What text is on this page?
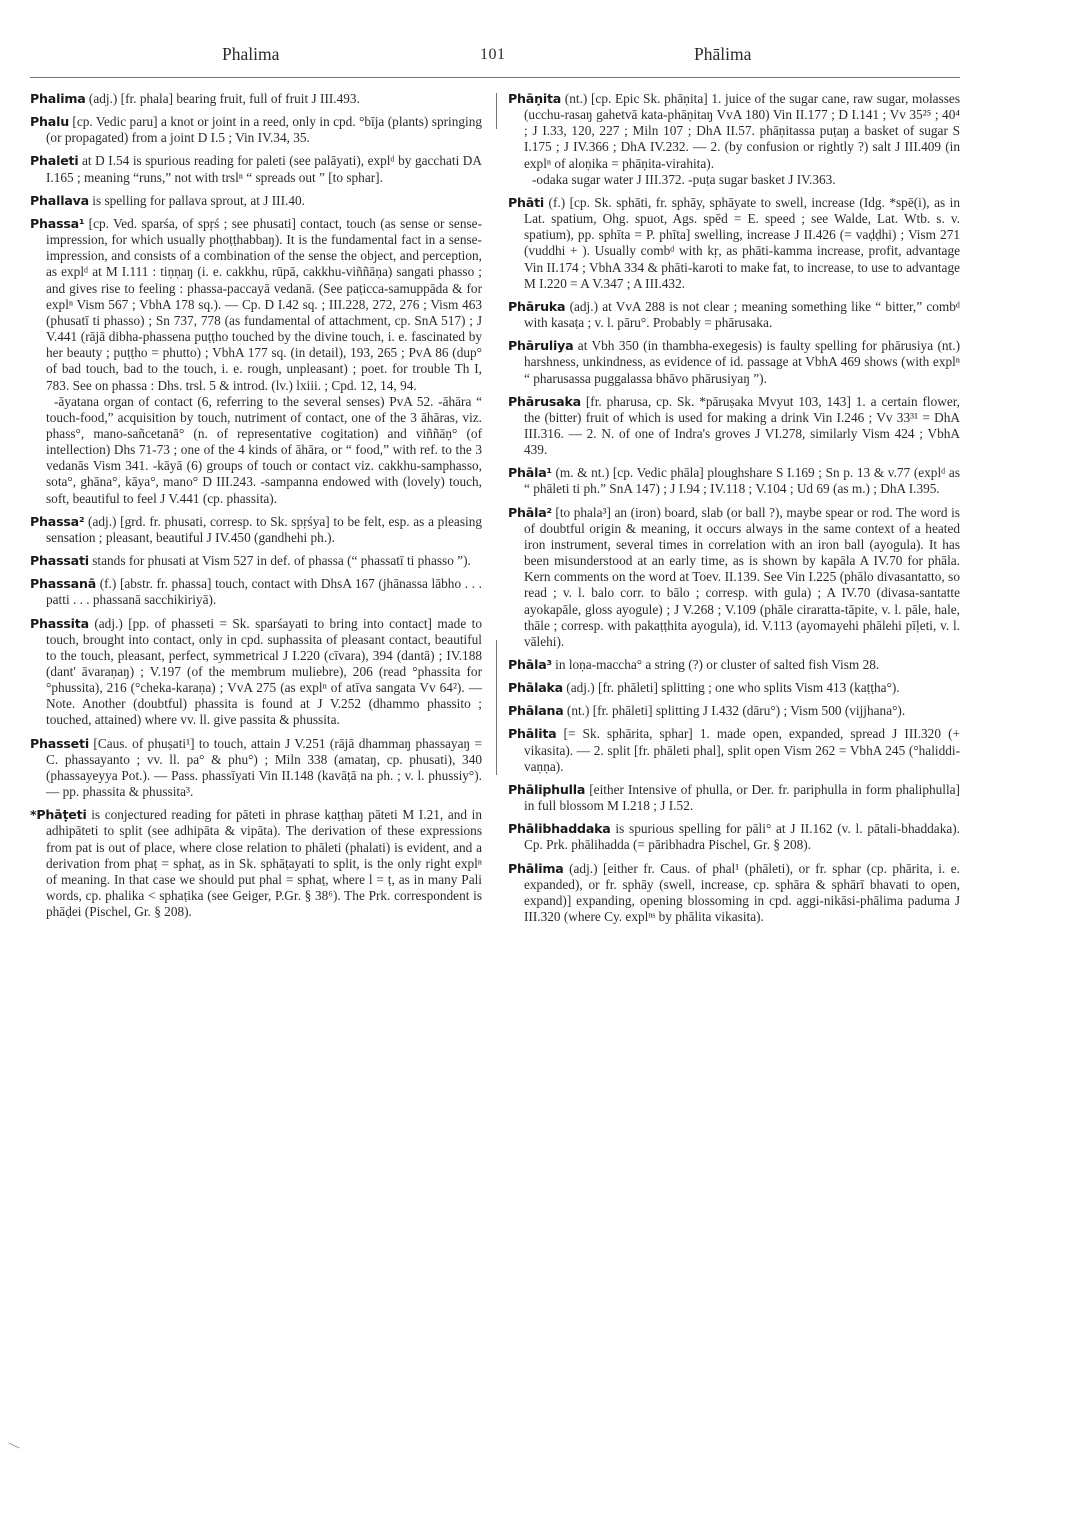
Phalima	101	Phālima

Phalima (adj.) [fr. phala] bearing fruit, full of fruit J III.493.

Phalu [cp. Vedic paru] a knot or joint in a reed, only in cpd. °bīja (plants) springing (or propagated) from a joint D I.5 ; Vin IV.34, 35.

Phaleti at D I.54 is spurious reading for paleti (see palāyati), explᵈ by gacchati DA I.165 ; meaning “runs,” not with trslⁿ “ spreads out ” [to sphar].

Phallava is spelling for pallava sprout, at J III.40.

Phassa¹ [cp. Ved. sparśa, of spṛś ; see phusati] contact, touch (as sense or sense-impression, for which usually phoṭṭhabbaŋ). It is the fundamental fact in a sense-impression, and consists of a combination of the sense the object, and perception, as explᵈ at M I.111 : tiṇṇaŋ (i. e. cakkhu, rūpā, cakkhu-viññāṇa) sangati phasso ; and gives rise to feeling : phassa-paccayā vedanā. (See paṭicca-samuppāda & for explⁿ Vism 567 ; VbhA 178 sq.). — Cp. D I.42 sq. ; III.228, 272, 276 ; Vism 463 (phusatī ti phasso) ; Sn 737, 778 (as fundamental of attachment, cp. SnA 517) ; J V.441 (rājā dibha-phassena puṭṭho touched by the divine touch, i. e. fascinated by her beauty ; puṭṭho = phutto) ; VbhA 177 sq. (in detail), 193, 265 ; PvA 86 (dup° of bad touch, bad to the touch, i. e. rough, unpleasant) ; poet. for trouble Th I, 783. See on phassa : Dhs. trsl. 5 & introd. (lv.) lxiii. ; Cpd. 12, 14, 94.

-āyatana organ of contact (6, referring to the several senses) PvA 52. -āhāra “ touch-food,” acquisition by touch, nutriment of contact, one of the 3 āhāras, viz. phass°, mano-sañcetanā° (n. of representative cogitation) and viññāṇ° (of intellection) Dhs 71-73 ; one of the 4 kinds of āhāra, or “ food,” with ref. to the 3 vedanās Vism 341. -kāyā (6) groups of touch or contact viz. cakkhu-samphasso, sota°, ghāna°, kāya°, mano° D III.243. -sampanna endowed with (lovely) touch, soft, beautiful to feel J V.441 (cp. phassita).

Phassa² (adj.) [grd. fr. phusati, corresp. to Sk. spṛśya] to be felt, esp. as a pleasing sensation ; pleasant, beautiful J IV.450 (gandhehi ph.).

Phassati stands for phusati at Vism 527 in def. of phassa (“ phassatī ti phasso ”).

Phassanā (f.) [abstr. fr. phassa] touch, contact with DhsA 167 (jhānassa lābho . . . patti . . . phassanā sacchikiriyā).

Phassita (adj.) [pp. of phasseti = Sk. sparśayati to bring into contact] made to touch, brought into contact, only in cpd. suphassita of pleasant contact, beautiful to the touch, pleasant, perfect, symmetrical J I.220 (cīvara), 394 (dantā) ; IV.188 (dant' āvaraṇaŋ) ; V.197 (of the membrum muliebre), 206 (read °phassita for °phussita), 216 (°cheka-karaṇa) ; VvA 275 (as explⁿ of atīva sangata Vv 64²). — Note. Another (doubtful) phassita is found at J V.252 (dhammo phassito ; touched, attained) where vv. ll. give passita & phussita.

Phasseti [Caus. of phuṣati¹] to touch, attain J V.251 (rājā dhammaŋ phassayaŋ = C. phassayanto ; vv. ll. pa° & phu°) ; Miln 338 (amataŋ, cp. phusati), 340 (phassayeyya Pot.). — Pass. phassīyati Vin II.148 (kavāṭā na ph. ; v. l. phussiy°). — pp. phassita & phussita³.

*Phāṭeti is conjectured reading for pāteti in phrase kaṭṭhaŋ pāteti M I.21, and in adhipāteti to split (see adhipāta & vipāta). The derivation of these expressions from pat is out of place, where close relation to phāleti (phalati) is evident, and a derivation from phaṭ = sphaṭ, as in Sk. sphāṭayati to split, is the only right explⁿ of meaning. In that case we should put phal = sphaṭ, where l = ṭ, as in many Pali words, cp. phalika < sphaṭika (see Geiger, P.Gr. § 38⁶). The Prk. correspondent is phāḍei (Pischel, Gr. § 208).

Phāṇita (nt.) [cp. Epic Sk. phāṇita] 1. juice of the sugar cane, raw sugar, molasses (ucchu-rasaŋ gahetvā kata-phāṇitaŋ VvA 180) Vin II.177 ; D I.141 ; Vv 35²⁵ ; 40⁴ ; J I.33, 120, 227 ; Miln 107 ; DhA II.57. phāṇitassa puṭaŋ a basket of sugar S I.175 ; J IV.366 ; DhA IV.232. — 2. (by confusion or rightly ?) salt J III.409 (in explⁿ of aloṇika = phāṇita-virahita).

-odaka sugar water J III.372. -puṭa sugar basket J IV.363.

Phāti (f.) [cp. Sk. sphāti, fr. sphāy, sphāyate to swell, increase (Idg. *spē(i), as in Lat. spatium, Ohg. spuot, Ags. spēd = E. speed ; see Walde, Lat. Wtb. s. v. spatium), pp. sphīta = P. phīta] swelling, increase J II.426 (= vaḍḍhi) ; Vism 271 (vuddhi + ). Usually combᵈ with kṛ, as phāti-kamma increase, profit, advantage Vin II.174 ; VbhA 334 & phāti-karoti to make fat, to increase, to use to advantage M I.220 = A V.347 ; A III.432.

Phāruka (adj.) at VvA 288 is not clear ; meaning something like “ bitter,” combᵈ with kasaṭa ; v. l. pāru°. Probably = phārusaka.

Phāruliya at Vbh 350 (in thambha-exegesis) is faulty spelling for phārusiya (nt.) harshness, unkindness, as evidence of id. passage at VbhA 469 shows (with explⁿ “ pharusassa puggalassa bhāvo phārusiyaŋ ”).

Phārusaka [fr. pharusa, cp. Sk. *pāruṣaka Mvyut 103, 143] 1. a certain flower, the (bitter) fruit of which is used for making a drink Vin I.246 ; Vv 33³¹ = DhA III.316. — 2. N. of one of Indra's groves J VI.278, similarly Vism 424 ; VbhA 439.

Phāla¹ (m. & nt.) [cp. Vedic phāla] ploughshare S I.169 ; Sn p. 13 & v.77 (explᵈ as “ phāleti ti ph.” SnA 147) ; J I.94 ; IV.118 ; V.104 ; Ud 69 (as m.) ; DhA I.395.

Phāla² [to phala³] an (iron) board, slab (or ball ?), maybe spear or rod. The word is of doubtful origin & meaning, it occurs always in the same context of a heated iron instrument, several times in correlation with an iron ball (ayogula). It has been misunderstood at an early time, as is shown by kapāla A IV.70 for phāla. Kern comments on the word at Toev. II.139. See Vin I.225 (phālo divasantatto, so read ; v. l. balo corr. to bālo ; corresp. with gula) ; A IV.70 (divasa-santatte ayokapāle, gloss ayogule) ; J V.268 ; V.109 (phāle ciraratta-tāpite, v. l. pāle, hale, thāle ; corresp. with pakaṭṭhita ayogula), id. V.113 (ayomayehi phālehi pīḷeti, v. l. vālehi).

Phāla³ in loṇa-maccha° a string (?) or cluster of salted fish Vism 28.

Phālaka (adj.) [fr. phāleti] splitting ; one who splits Vism 413 (kaṭṭha°).

Phālana (nt.) [fr. phāleti] splitting J I.432 (dāru°) ; Vism 500 (vijjhana°).

Phālita [= Sk. sphārita, sphar] 1. made open, expanded, spread J III.320 (+ vikasita). — 2. split [fr. phāleti phal], split open Vism 262 = VbhA 245 (°haliddi-vaṇṇa).

Phāliphulla [either Intensive of phulla, or Der. fr. pariphulla in form phaliphulla] in full blossom M I.218 ; J I.52.

Phālibhaddaka is spurious spelling for pāli° at J II.162 (v. l. pātali-bhaddaka). Cp. Prk. phālihadda (= pāribhadra Pischel, Gr. § 208).

Phālima (adj.) [either fr. Caus. of phal¹ (phāleti), or fr. sphar (cp. phārita, i. e. expanded), or fr. sphāy (swell, increase, cp. sphāra & sphārī bhavati to open, expand)] expanding, opening blossoming in cpd. aggi-nikāsi-phālima paduma J III.320 (where Cy. explⁿˢ by phālita vikasita).
